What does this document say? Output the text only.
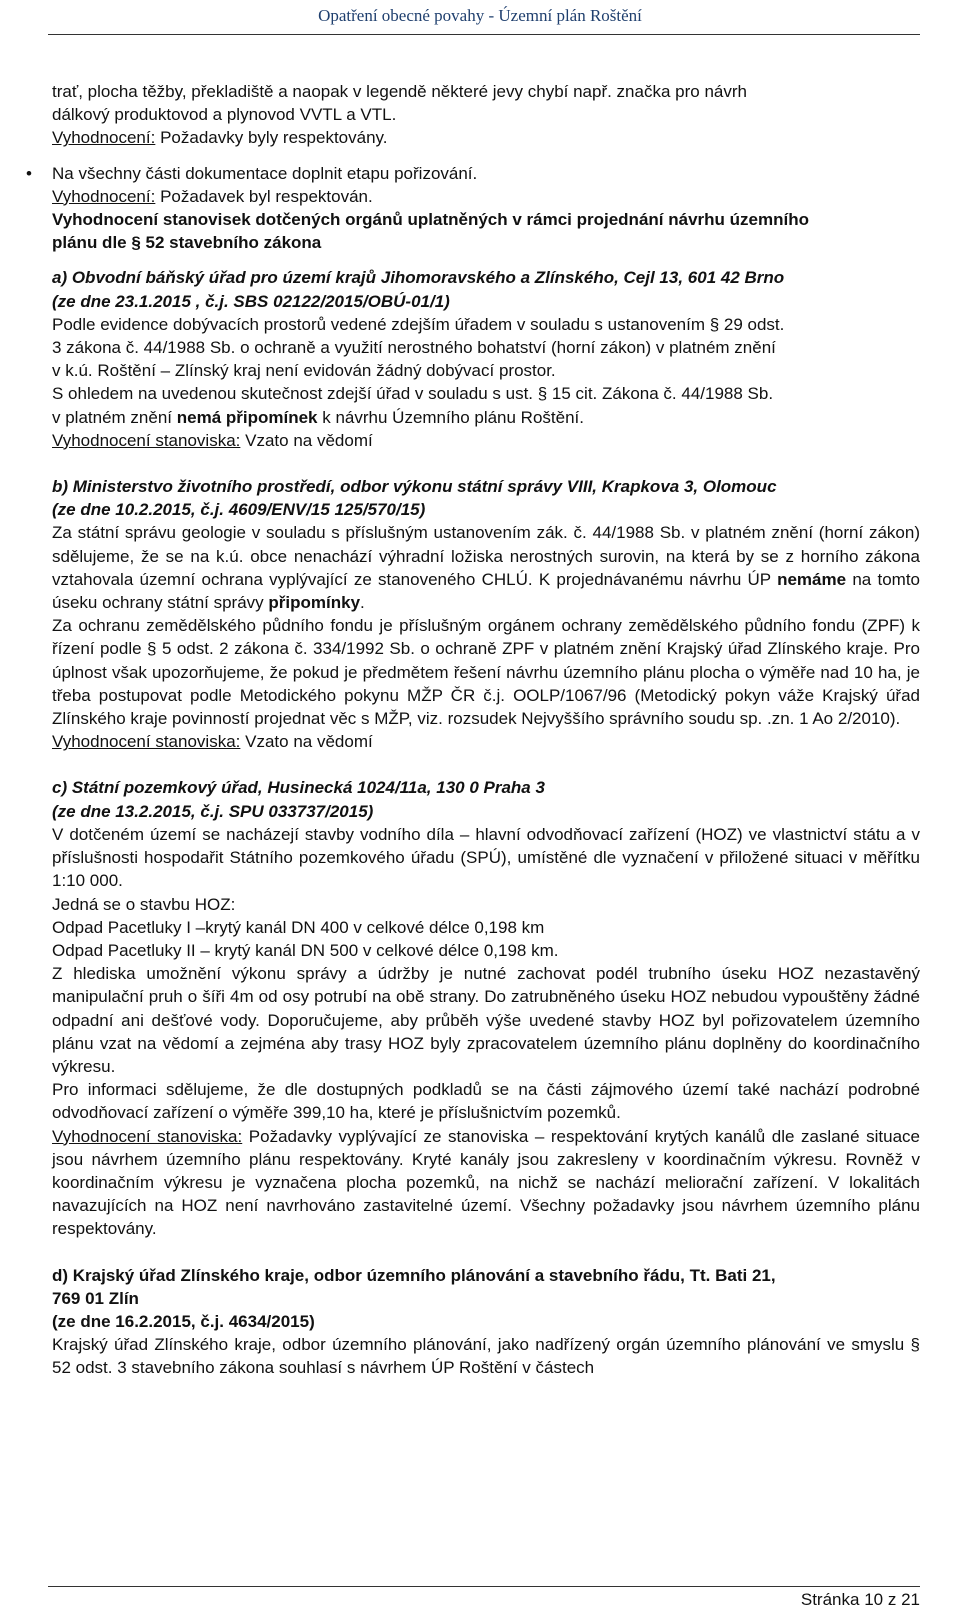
Opatření obecné povahy - Územní plán Roštění

trať, plocha těžby, překladiště a naopak v legendě některé jevy chybí např. značka pro návrh

dálkový produktovod a plynovod VVTL a VTL.

Vyhodnocení: Požadavky byly respektovány.

• Na všechny části dokumentace doplnit etapu pořizování.

Vyhodnocení: Požadavek byl respektován.

Vyhodnocení stanovisek dotčených orgánů uplatněných v rámci projednání návrhu územního

plánu dle § 52 stavebního zákona

a) Obvodní báňský úřad pro území krajů Jihomoravského a Zlínského, Cejl 13, 601 42 Brno

(ze dne 23.1.2015 , č.j. SBS 02122/2015/OBÚ-01/1)

Podle evidence dobývacích prostorů vedené zdejším úřadem v souladu s ustanovením § 29 odst.

3 zákona č. 44/1988 Sb. o ochraně a využití nerostného bohatství (horní zákon) v platném znění

v k.ú. Roštění – Zlínský kraj není evidován žádný dobývací prostor.

S ohledem na uvedenou skutečnost zdejší úřad v souladu s ust. § 15 cit. Zákona č. 44/1988 Sb.

v platném znění nemá připomínek k návrhu Územního plánu Roštění.

Vyhodnocení stanoviska: Vzato na vědomí

b) Ministerstvo životního prostředí, odbor výkonu státní správy VIII, Krapkova 3, Olomouc

(ze dne 10.2.2015, č.j. 4609/ENV/15 125/570/15)

Za státní správu geologie v souladu s příslušným ustanovením zák. č. 44/1988 Sb. v platném znění (horní zákon) sdělujeme, že se na k.ú. obce nenachází výhradní ložiska nerostných surovin, na která by se z horního zákona vztahovala územní ochrana vyplývající ze stanoveného CHLÚ. K projednávanému návrhu ÚP nemáme na tomto úseku ochrany státní správy připomínky.

Za ochranu zemědělského půdního fondu je příslušným orgánem ochrany zemědělského půdního fondu (ZPF) k řízení podle § 5 odst. 2 zákona č. 334/1992 Sb. o ochraně ZPF v platném znění Krajský úřad Zlínského kraje. Pro úplnost však upozorňujeme, že pokud je předmětem řešení návrhu územního plánu plocha o výměře nad 10 ha, je třeba postupovat podle Metodického pokynu MŽP ČR č.j. OOLP/1067/96 (Metodický pokyn váže Krajský úřad Zlínského kraje povinností projednat věc s MŽP, viz. rozsudek Nejvyššího správního soudu sp. .zn. 1 Ao 2/2010).

Vyhodnocení stanoviska: Vzato na vědomí

c) Státní pozemkový úřad, Husinecká 1024/11a, 130 0 Praha 3

(ze dne 13.2.2015, č.j. SPU 033737/2015)

V dotčeném území se nacházejí stavby vodního díla – hlavní odvodňovací zařízení (HOZ) ve vlastnictví státu a v příslušnosti hospodařit Státního pozemkového úřadu (SPÚ), umístěné dle vyznačení v přiložené situaci v měřítku 1:10 000.

Jedná se o stavbu HOZ:

Odpad Pacetluky I –krytý kanál DN 400 v celkové délce 0,198 km

Odpad Pacetluky II – krytý kanál DN 500 v celkové délce 0,198 km.

Z hlediska umožnění výkonu správy a údržby je nutné zachovat podél trubního úseku HOZ nezastavěný manipulační pruh o šíři 4m od osy potrubí na obě strany. Do zatrubněného úseku HOZ nebudou vypouštěny žádné odpadní ani dešťové vody. Doporučujeme, aby průběh výše uvedené stavby HOZ byl pořizovatelem územního plánu vzat na vědomí a zejména aby trasy HOZ byly zpracovatelem územního plánu doplněny do koordinačního výkresu.

Pro informaci sdělujeme, že dle dostupných podkladů se na části zájmového území také nachází podrobné odvodňovací zařízení o výměře 399,10 ha, které je příslušnictvím pozemků.

Vyhodnocení stanoviska: Požadavky vyplývající ze stanoviska – respektování krytých kanálů dle zaslané situace jsou návrhem územního plánu respektovány. Kryté kanály jsou zakresleny v koordinačním výkresu. Rovněž v koordinačním výkresu je vyznačena plocha pozemků, na nichž se nachází meliorační zařízení. V lokalitách navazujících na HOZ není navrhováno zastavitelné území. Všechny požadavky jsou návrhem územního plánu respektovány.

d) Krajský úřad Zlínského kraje, odbor územního plánování a stavebního řádu, Tt. Bati 21,

769 01 Zlín

(ze dne 16.2.2015, č.j. 4634/2015)

Krajský úřad Zlínského kraje, odbor územního plánování, jako nadřízený orgán územního plánování ve smyslu § 52 odst. 3 stavebního zákona souhlasí s návrhem ÚP Roštění v částech

Stránka 10 z 21
